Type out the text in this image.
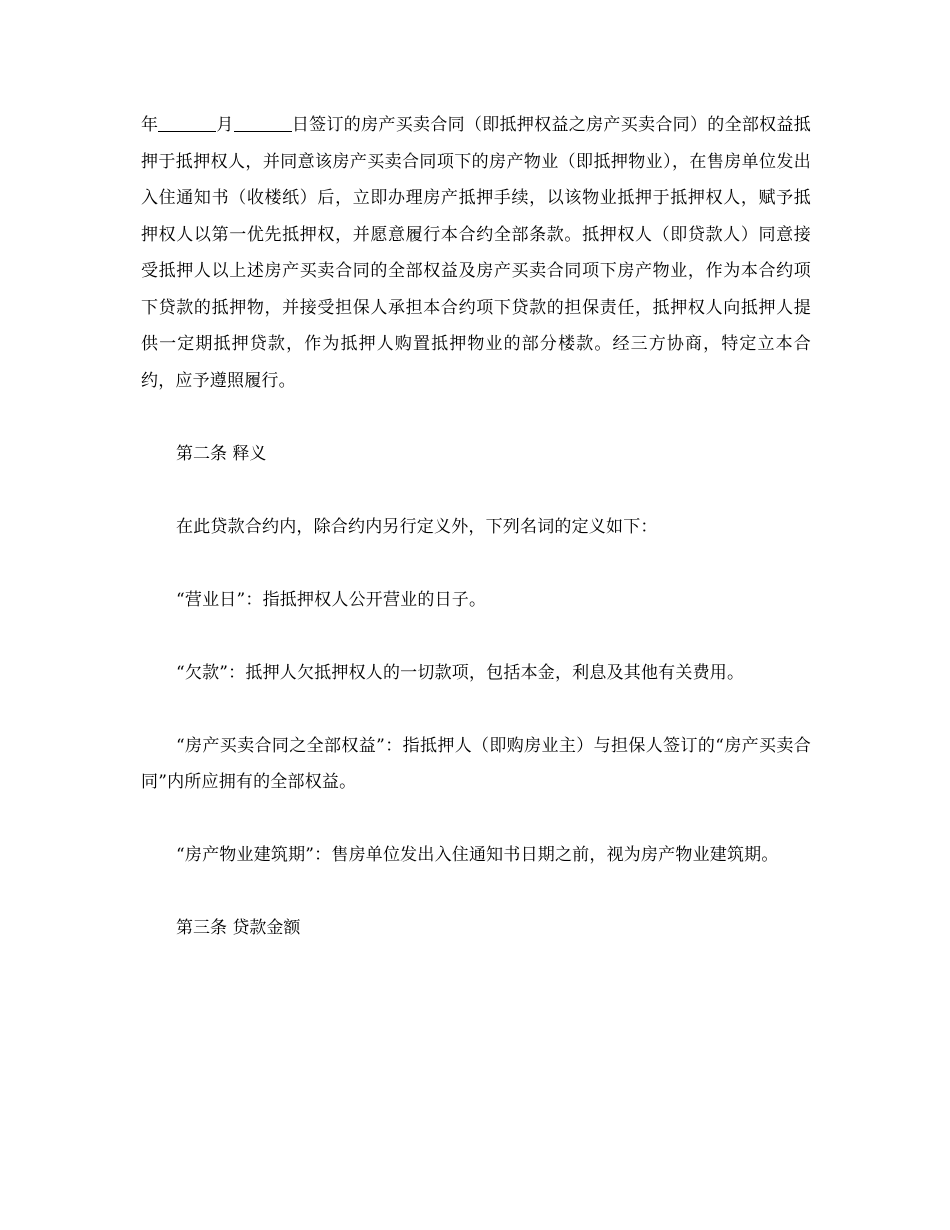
年	月	日签订的房产买卖合同（即抵押权益之房产买卖合同）的全部权益抵押于抵押权人，并同意该房产买卖合同项下的房产物业（即抵押物业），在售房单位发出入住通知书（收楼纸）后，立即办理房产抵押手续，以该物业抵押于抵押权人，赋予抵押权人以第一优先抵押权，并愿意履行本合约全部条款。抵押权人（即贷款人）同意接受抵押人以上述房产买卖合同的全部权益及房产买卖合同项下房产物业，作为本合约项下贷款的抵押物，并接受担保人承担本合约项下贷款的担保责任，抵押权人向抵押人提供一定期抵押贷款，作为抵押人购置抵押物业的部分楼款。经三方协商，特定立本合约，应予遵照履行。

第二条 释义

在此贷款合约内，除合约内另行定义外，下列名词的定义如下：

“营业日”：指抵押权人公开营业的日子。

“欠款”：抵押人欠抵押权人的一切款项，包括本金，利息及其他有关费用。

“房产买卖合同之全部权益”：指抵押人（即购房业主）与担保人签订的“房产买卖合同”内所应拥有的全部权益。

“房产物业建筑期”：售房单位发出入住通知书日期之前，视为房产物业建筑期。

第三条 贷款金额
